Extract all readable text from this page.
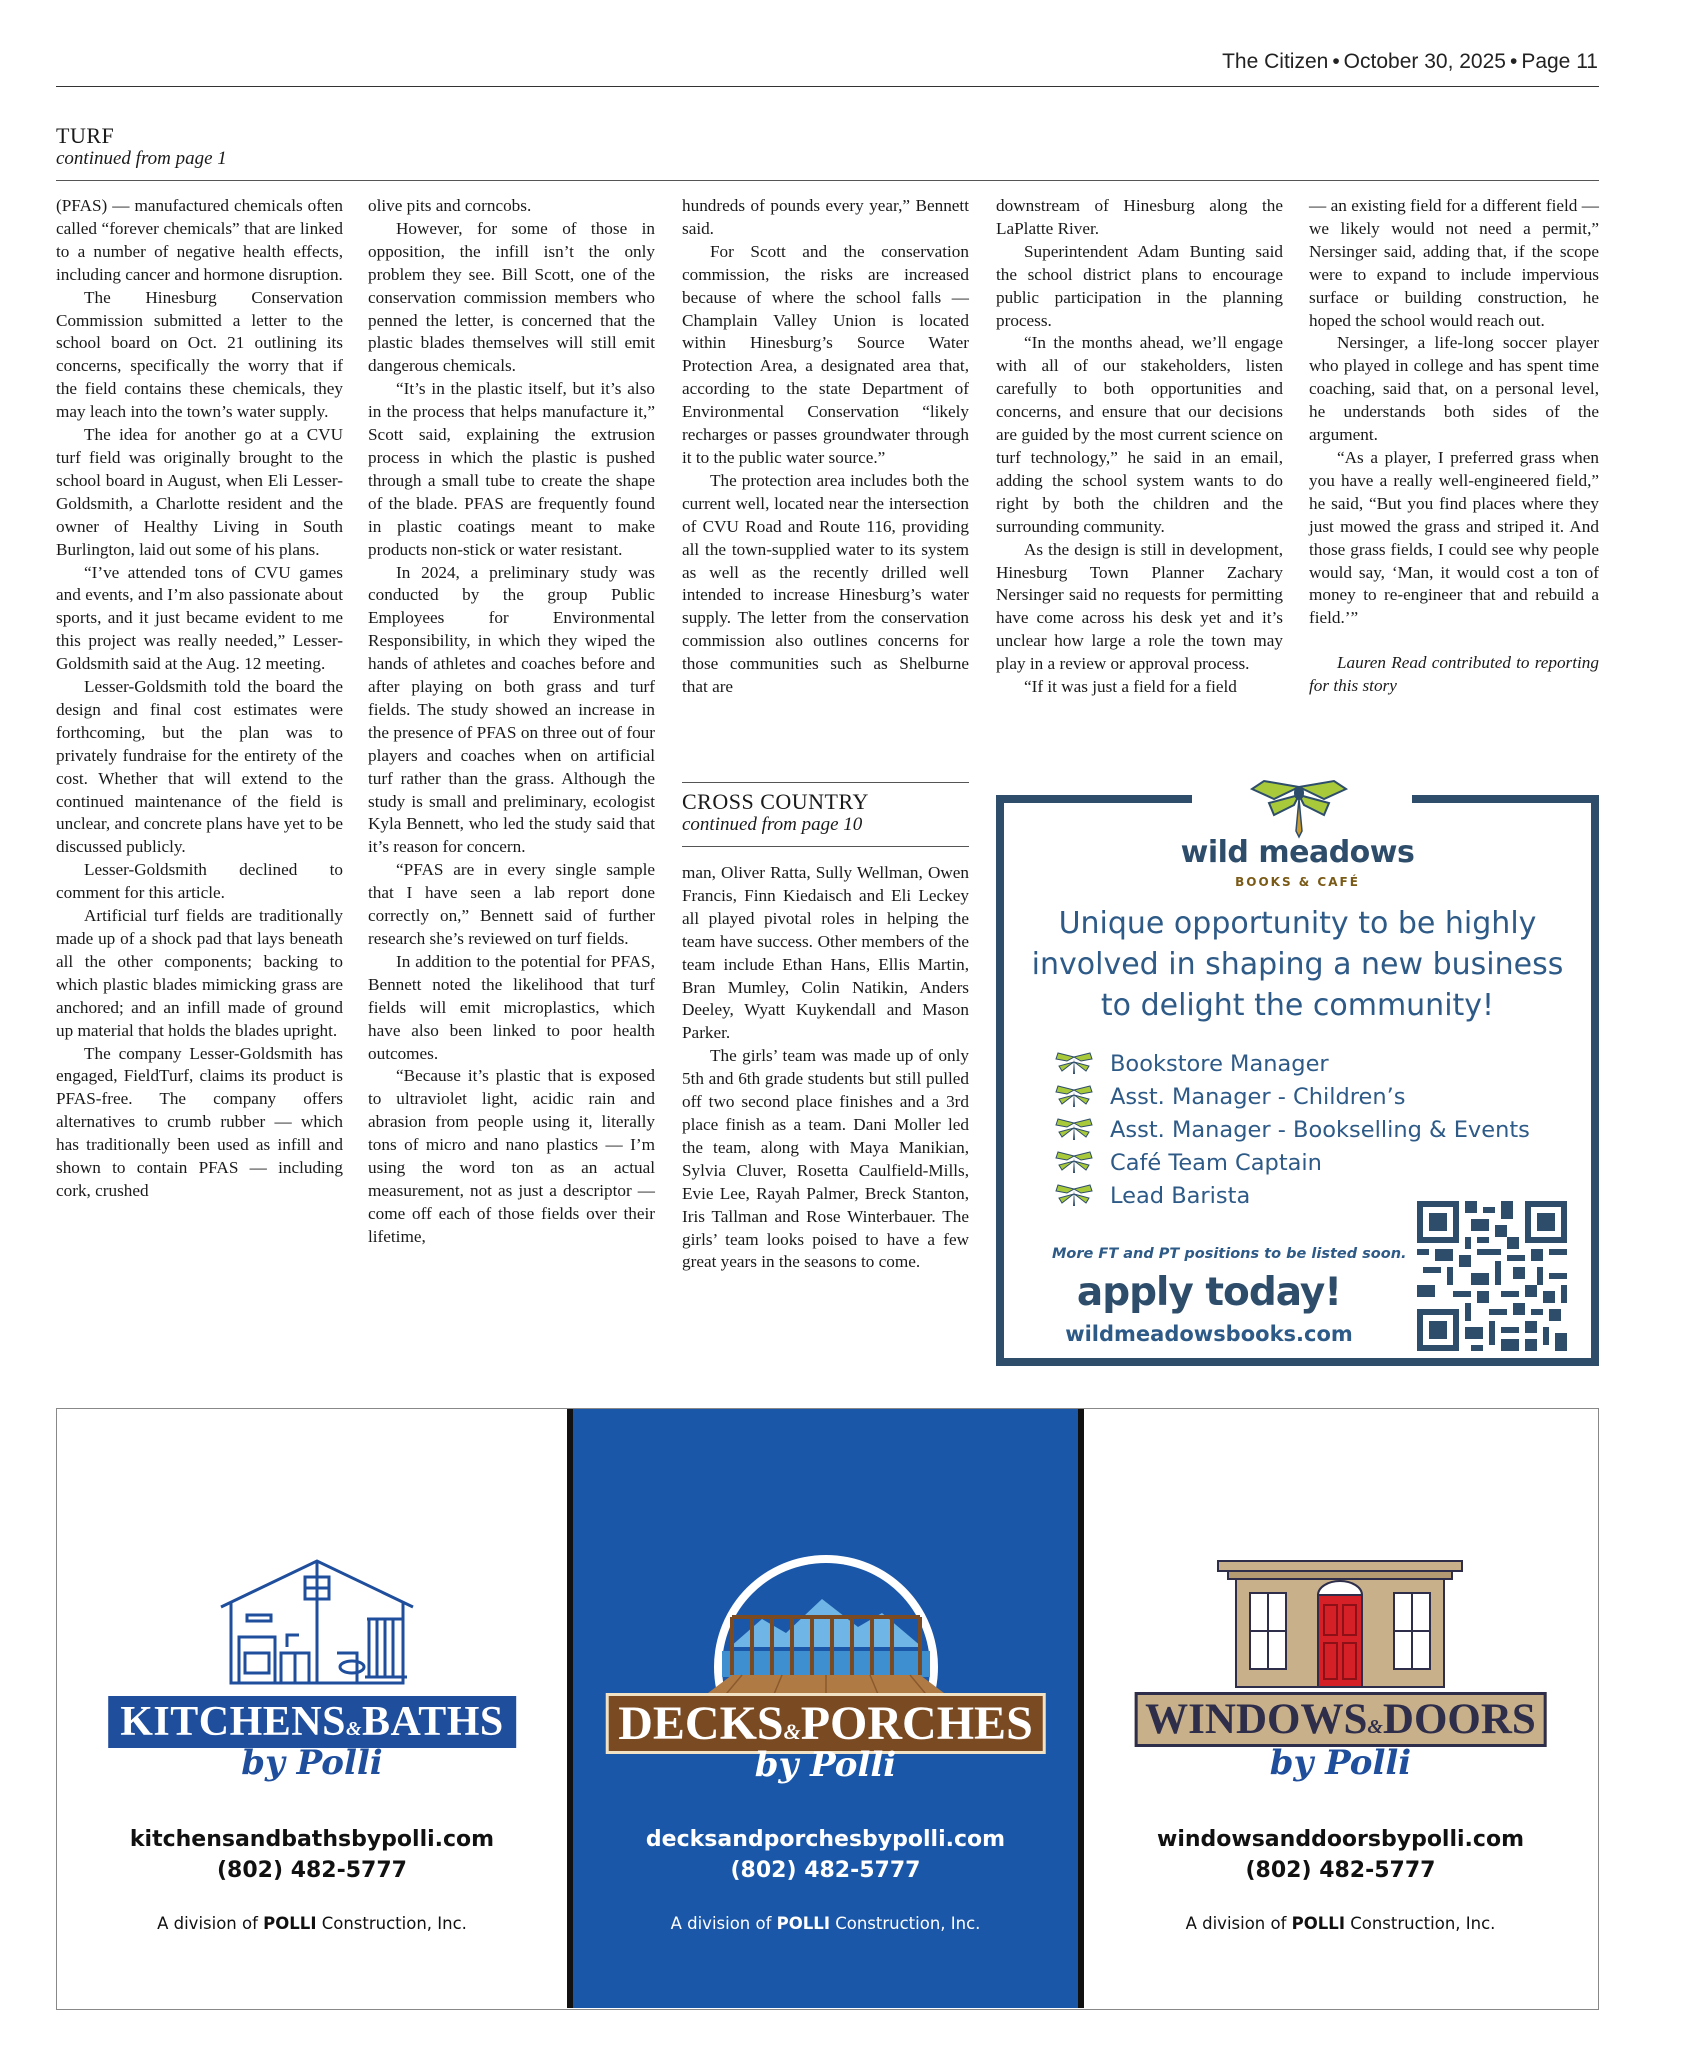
The Citizen • October 30, 2025 • Page 11
TURF
continued from page 1

(PFAS) — manufactured chemicals often called “forever chemicals” that are linked to a number of negative health effects, including cancer and hormone disruption.

The Hinesburg Conservation Commission submitted a letter to the school board on Oct. 21 outlining its concerns, specifically the worry that if the field contains these chemicals, they may leach into the town’s water supply.

The idea for another go at a CVU turf field was originally brought to the school board in August, when Eli Lesser-Goldsmith, a Charlotte resident and the owner of Healthy Living in South Burlington, laid out some of his plans.

“I’ve attended tons of CVU games and events, and I’m also passionate about sports, and it just became evident to me this project was really needed,” Lesser-Goldsmith said at the Aug. 12 meeting.

Lesser-Goldsmith told the board the design and final cost estimates were forthcoming, but the plan was to privately fundraise for the entirety of the cost. Whether that will extend to the continued maintenance of the field is unclear, and concrete plans have yet to be discussed publicly.

Lesser-Goldsmith declined to comment for this article.

Artificial turf fields are traditionally made up of a shock pad that lays beneath all the other components; backing to which plastic blades mimicking grass are anchored; and an infill made of ground up material that holds the blades upright.

The company Lesser-Goldsmith has engaged, FieldTurf, claims its product is PFAS-free. The company offers alternatives to crumb rubber — which has traditionally been used as infill and shown to contain PFAS — including cork, crushed

olive pits and corncobs.

However, for some of those in opposition, the infill isn’t the only problem they see. Bill Scott, one of the conservation commission members who penned the letter, is concerned that the plastic blades themselves will still emit dangerous chemicals.

“It’s in the plastic itself, but it’s also in the process that helps manufacture it,” Scott said, explaining the extrusion process in which the plastic is pushed through a small tube to create the shape of the blade. PFAS are frequently found in plastic coatings meant to make products non-stick or water resistant.

In 2024, a preliminary study was conducted by the group Public Employees for Environmental Responsibility, in which they wiped the hands of athletes and coaches before and after playing on both grass and turf fields. The study showed an increase in the presence of PFAS on three out of four players and coaches when on artificial turf rather than the grass. Although the study is small and preliminary, ecologist Kyla Bennett, who led the study said that it’s reason for concern.

“PFAS are in every single sample that I have seen a lab report done correctly on,” Bennett said of further research she’s reviewed on turf fields.

In addition to the potential for PFAS, Bennett noted the likelihood that turf fields will emit microplastics, which have also been linked to poor health outcomes.

“Because it’s plastic that is exposed to ultraviolet light, acidic rain and abrasion from people using it, literally tons of micro and nano plastics — I’m using the word ton as an actual measurement, not as just a descriptor — come off each of those fields over their lifetime,

hundreds of pounds every year,” Bennett said.

For Scott and the conservation commission, the risks are increased because of where the school falls — Champlain Valley Union is located within Hinesburg’s Source Water Protection Area, a designated area that, according to the state Department of Environmental Conservation “likely recharges or passes groundwater through it to the public water source.”

The protection area includes both the current well, located near the intersection of CVU Road and Route 116, providing all the town-supplied water to its system as well as the recently drilled well intended to increase Hinesburg’s water supply. The letter from the conservation commission also outlines concerns for those communities such as Shelburne that are

CROSS COUNTRY
continued from page 10

man, Oliver Ratta, Sully Wellman, Owen Francis, Finn Kiedaisch and Eli Leckey all played pivotal roles in helping the team have success. Other members of the team include Ethan Hans, Ellis Martin, Bran Mumley, Colin Natikin, Anders Deeley, Wyatt Kuykendall and Mason Parker.

The girls’ team was made up of only 5th and 6th grade students but still pulled off two second place finishes and a 3rd place finish as a team. Dani Moller led the team, along with Maya Manikian, Sylvia Cluver, Rosetta Caulfield-Mills, Evie Lee, Rayah Palmer, Breck Stanton, Iris Tallman and Rose Winterbauer. The girls’ team looks poised to have a few great years in the seasons to come.

downstream of Hinesburg along the LaPlatte River.

Superintendent Adam Bunting said the school district plans to encourage public participation in the planning process.

“In the months ahead, we’ll engage with all of our stakeholders, listen carefully to both opportunities and concerns, and ensure that our decisions are guided by the most current science on turf technology,” he said in an email, adding the school system wants to do right by both the children and the surrounding community.

As the design is still in development, Hinesburg Town Planner Zachary Nersinger said no requests for permitting have come across his desk yet and it’s unclear how large a role the town may play in a review or approval process.

“If it was just a field for a field

— an existing field for a different field — we likely would not need a permit,” Nersinger said, adding that, if the scope were to expand to include impervious surface or building construction, he hoped the school would reach out.

Nersinger, a life-long soccer player who played in college and has spent time coaching, said that, on a personal level, he understands both sides of the argument.

“As a player, I preferred grass when you have a really well-engineered field,” he said, “But you find places where they just mowed the grass and striped it. And those grass fields, I could see why people would say, ‘Man, it would cost a ton of money to re-engineer that and rebuild a field.’”

Lauren Read contributed to reporting for this story

wild meadows
BOOKS & CAFÉ
Unique opportunity to be highly
involved in shaping a new business
to delight the community!
Bookstore Manager
Asst. Manager - Children’s
Asst. Manager - Bookselling & Events
Café Team Captain
Lead Barista
More FT and PT positions to be listed soon.
apply today!
wildmeadowsbooks.com
KITCHENS&BATHS
by Polli
kitchensandbathsbypolli.com
(802) 482-5777
A division of POLLI Construction, Inc.
DECKS&PORCHES
by Polli
decksandporchesbypolli.com
(802) 482-5777
A division of POLLI Construction, Inc.
WINDOWS&DOORS
by Polli
windowsanddoorsbypolli.com
(802) 482-5777
A division of POLLI Construction, Inc.
